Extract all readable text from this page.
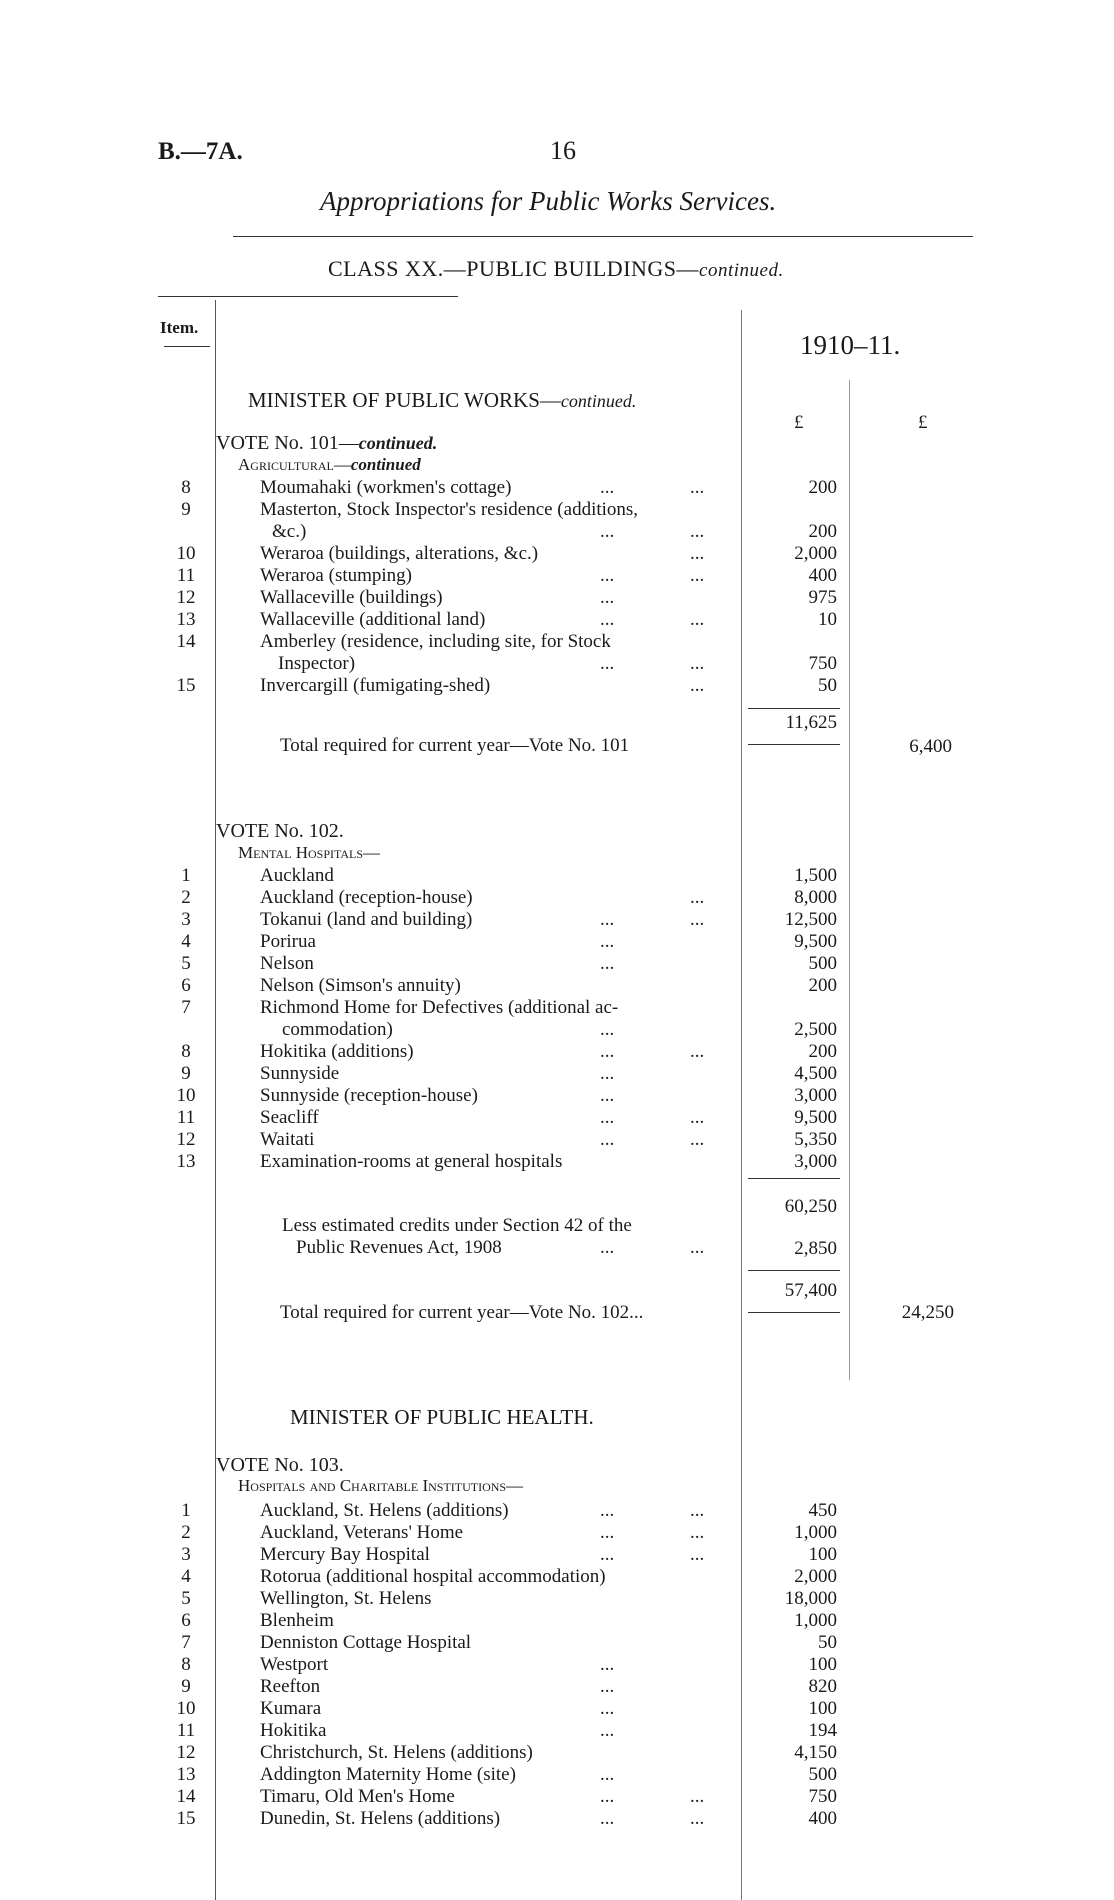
B.—7A.	16
Appropriations for Public Works Services.
CLASS XX.—PUBLIC BUILDINGS—continued.
Item.
1910–11.
MINISTER OF PUBLIC WORKS—continued.
£	£
VOTE No. 101—continued.
Agricultural—continued
8	Moumahaki (workmen's cottage)	...	...	200
9	Masterton, Stock Inspector's residence (additions,
&c.)	...	...	200
10	Weraroa (buildings, alterations, &c.)	...	2,000
11	Weraroa (stumping)	...	...	400
12	Wallaceville (buildings)	...	975
13	Wallaceville (additional land)	...	...	10
14	Amberley (residence, including site, for Stock
Inspector)	...	...	750
15	Invercargill (fumigating-shed)	...	50
11,625
Total required for current year—Vote No. 101	6,400
VOTE No. 102.
Mental Hospitals—
1	Auckland	1,500
2	Auckland (reception-house)	...	8,000
3	Tokanui (land and building)	...	...	12,500
4	Porirua	...	9,500
5	Nelson	...	500
6	Nelson (Simson's annuity)	200
7	Richmond Home for Defectives (additional ac-
commodation)	...	2,500
8	Hokitika (additions)	...	...	200
9	Sunnyside	...	4,500
10	Sunnyside (reception-house)	...	3,000
11	Seacliff	...	...	9,500
12	Waitati	...	...	5,350
13	Examination-rooms at general hospitals	3,000
60,250
Less estimated credits under Section 42 of the
Public Revenues Act, 1908	...	...	2,850
57,400
Total required for current year—Vote No. 102...	24,250
MINISTER OF PUBLIC HEALTH.
VOTE No. 103.
Hospitals and Charitable Institutions—
1	Auckland, St. Helens (additions)	...	...	450
2	Auckland, Veterans' Home	...	...	1,000
3	Mercury Bay Hospital	...	...	100
4	Rotorua (additional hospital accommodation)	2,000
5	Wellington, St. Helens	18,000
6	Blenheim	1,000
7	Denniston Cottage Hospital	50
8	Westport	...	100
9	Reefton	...	820
10	Kumara	...	100
11	Hokitika	...	194
12	Christchurch, St. Helens (additions)	4,150
13	Addington Maternity Home (site)	...	500
14	Timaru, Old Men's Home	...	...	750
15	Dunedin, St. Helens (additions)	...	...	400
